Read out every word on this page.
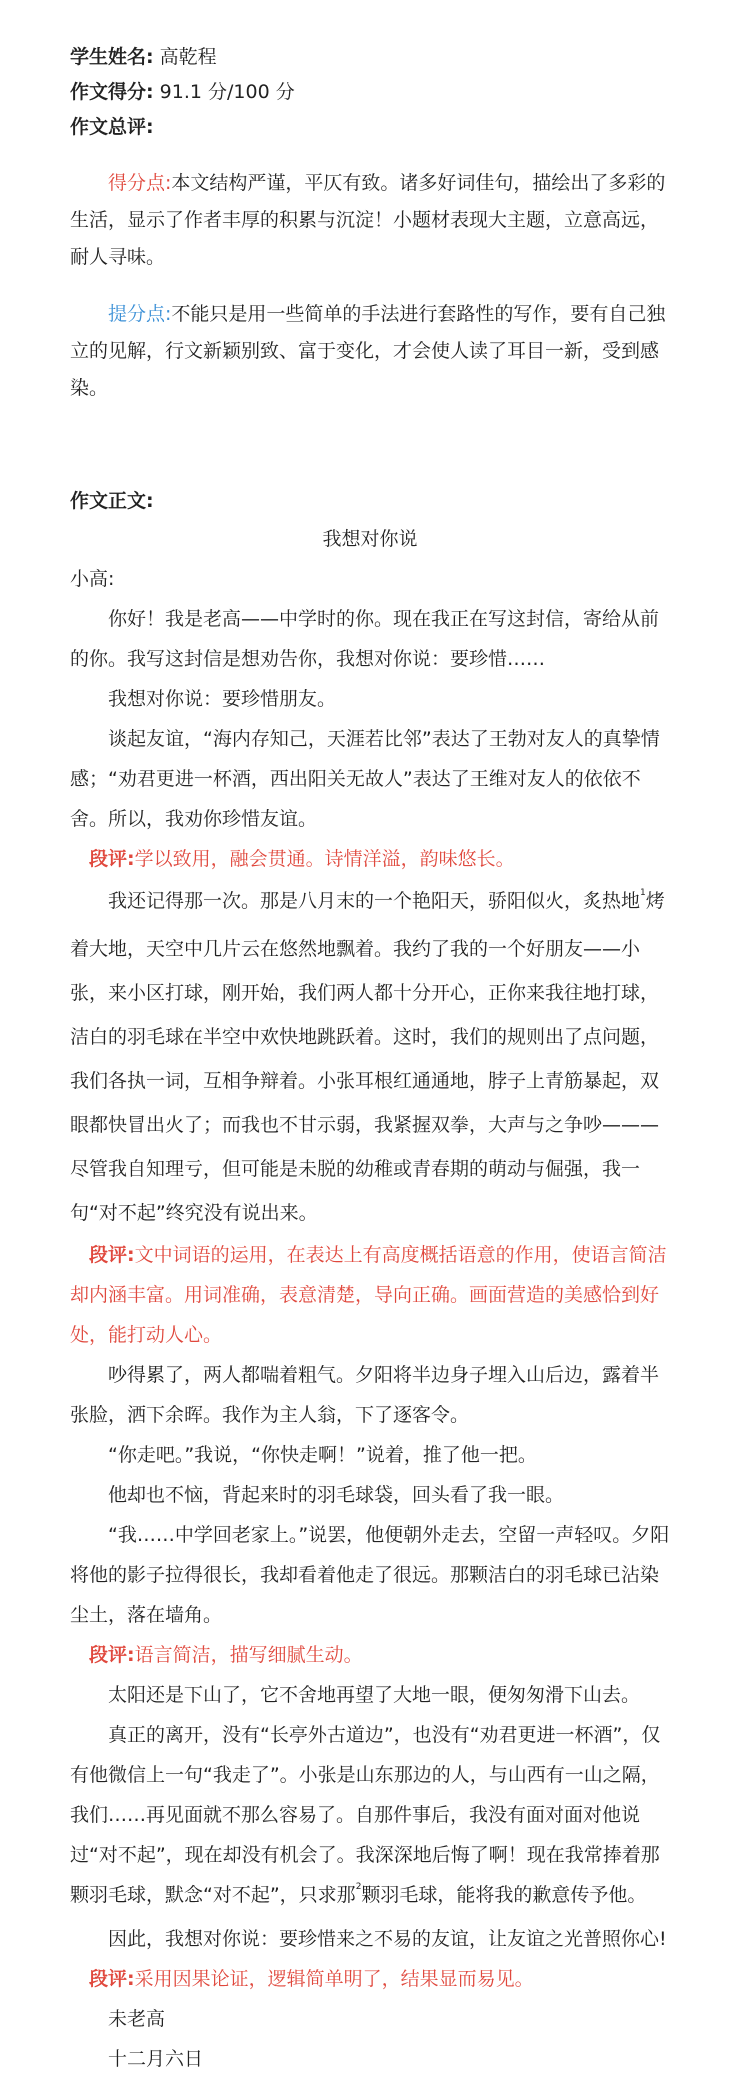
学生姓名: 高乾程
作文得分: 91.1 分/100 分
作文总评:

得分点:本文结构严谨，平仄有致。诸多好词佳句，描绘出了多彩的生活，显示了作者丰厚的积累与沉淀！小题材表现大主题，立意高远，耐人寻味。

提分点:不能只是用一些简单的手法进行套路性的写作，要有自己独立的见解，行文新颖别致、富于变化，才会使人读了耳目一新，受到感染。

作文正文:
我想对你说

小高:

你好！我是老高——中学时的你。现在我正在写这封信，寄给从前的你。我写这封信是想劝告你，我想对你说：要珍惜……

我想对你说：要珍惜朋友。

谈起友谊，“海内存知己，天涯若比邻”表达了王勃对友人的真挚情感；“劝君更进一杯酒，西出阳关无故人”表达了王维对友人的依依不舍。所以，我劝你珍惜友谊。

段评:学以致用，融会贯通。诗情洋溢，韵味悠长。

我还记得那一次。那是八月末的一个艳阳天，骄阳似火，炙热地$^1$烤着大地，天空中几片云在悠然地飘着。我约了我的一个好朋友——小张，来小区打球，刚开始，我们两人都十分开心，正你来我往地打球，洁白的羽毛球在半空中欢快地跳跃着。这时，我们的规则出了点问题，我们各执一词，互相争辩着。小张耳根红通通地，脖子上青筋暴起，双眼都快冒出火了；而我也不甘示弱，我紧握双拳，大声与之争吵———尽管我自知理亏，但可能是未脱的幼稚或青春期的萌动与倔强，我一句“对不起”终究没有说出来。

段评:文中词语的运用，在表达上有高度概括语意的作用，使语言简洁却内涵丰富。用词准确，表意清楚，导向正确。画面营造的美感恰到好处，能打动人心。

吵得累了，两人都喘着粗气。夕阳将半边身子埋入山后边，露着半张脸，洒下余晖。我作为主人翁，下了逐客令。

“你走吧。”我说，“你快走啊！”说着，推了他一把。

他却也不恼，背起来时的羽毛球袋，回头看了我一眼。

“我……中学回老家上。”说罢，他便朝外走去，空留一声轻叹。夕阳将他的影子拉得很长，我却看着他走了很远。那颗洁白的羽毛球已沾染尘土，落在墙角。

段评:语言简洁，描写细腻生动。

太阳还是下山了，它不舍地再望了大地一眼，便匆匆滑下山去。

真正的离开，没有“长亭外古道边”，也没有“劝君更进一杯酒”，仅有他微信上一句“我走了”。小张是山东那边的人，与山西有一山之隔，我们……再见面就不那么容易了。自那件事后，我没有面对面对他说过“对不起”，现在却没有机会了。我深深地后悔了啊！现在我常捧着那颗羽毛球，默念“对不起”，只求那$^2$颗羽毛球，能将我的歉意传予他。

因此，我想对你说：要珍惜来之不易的友谊，让友谊之光普照你心!

段评:采用因果论证，逻辑简单明了，结果显而易见。

未老高

十二月六日
